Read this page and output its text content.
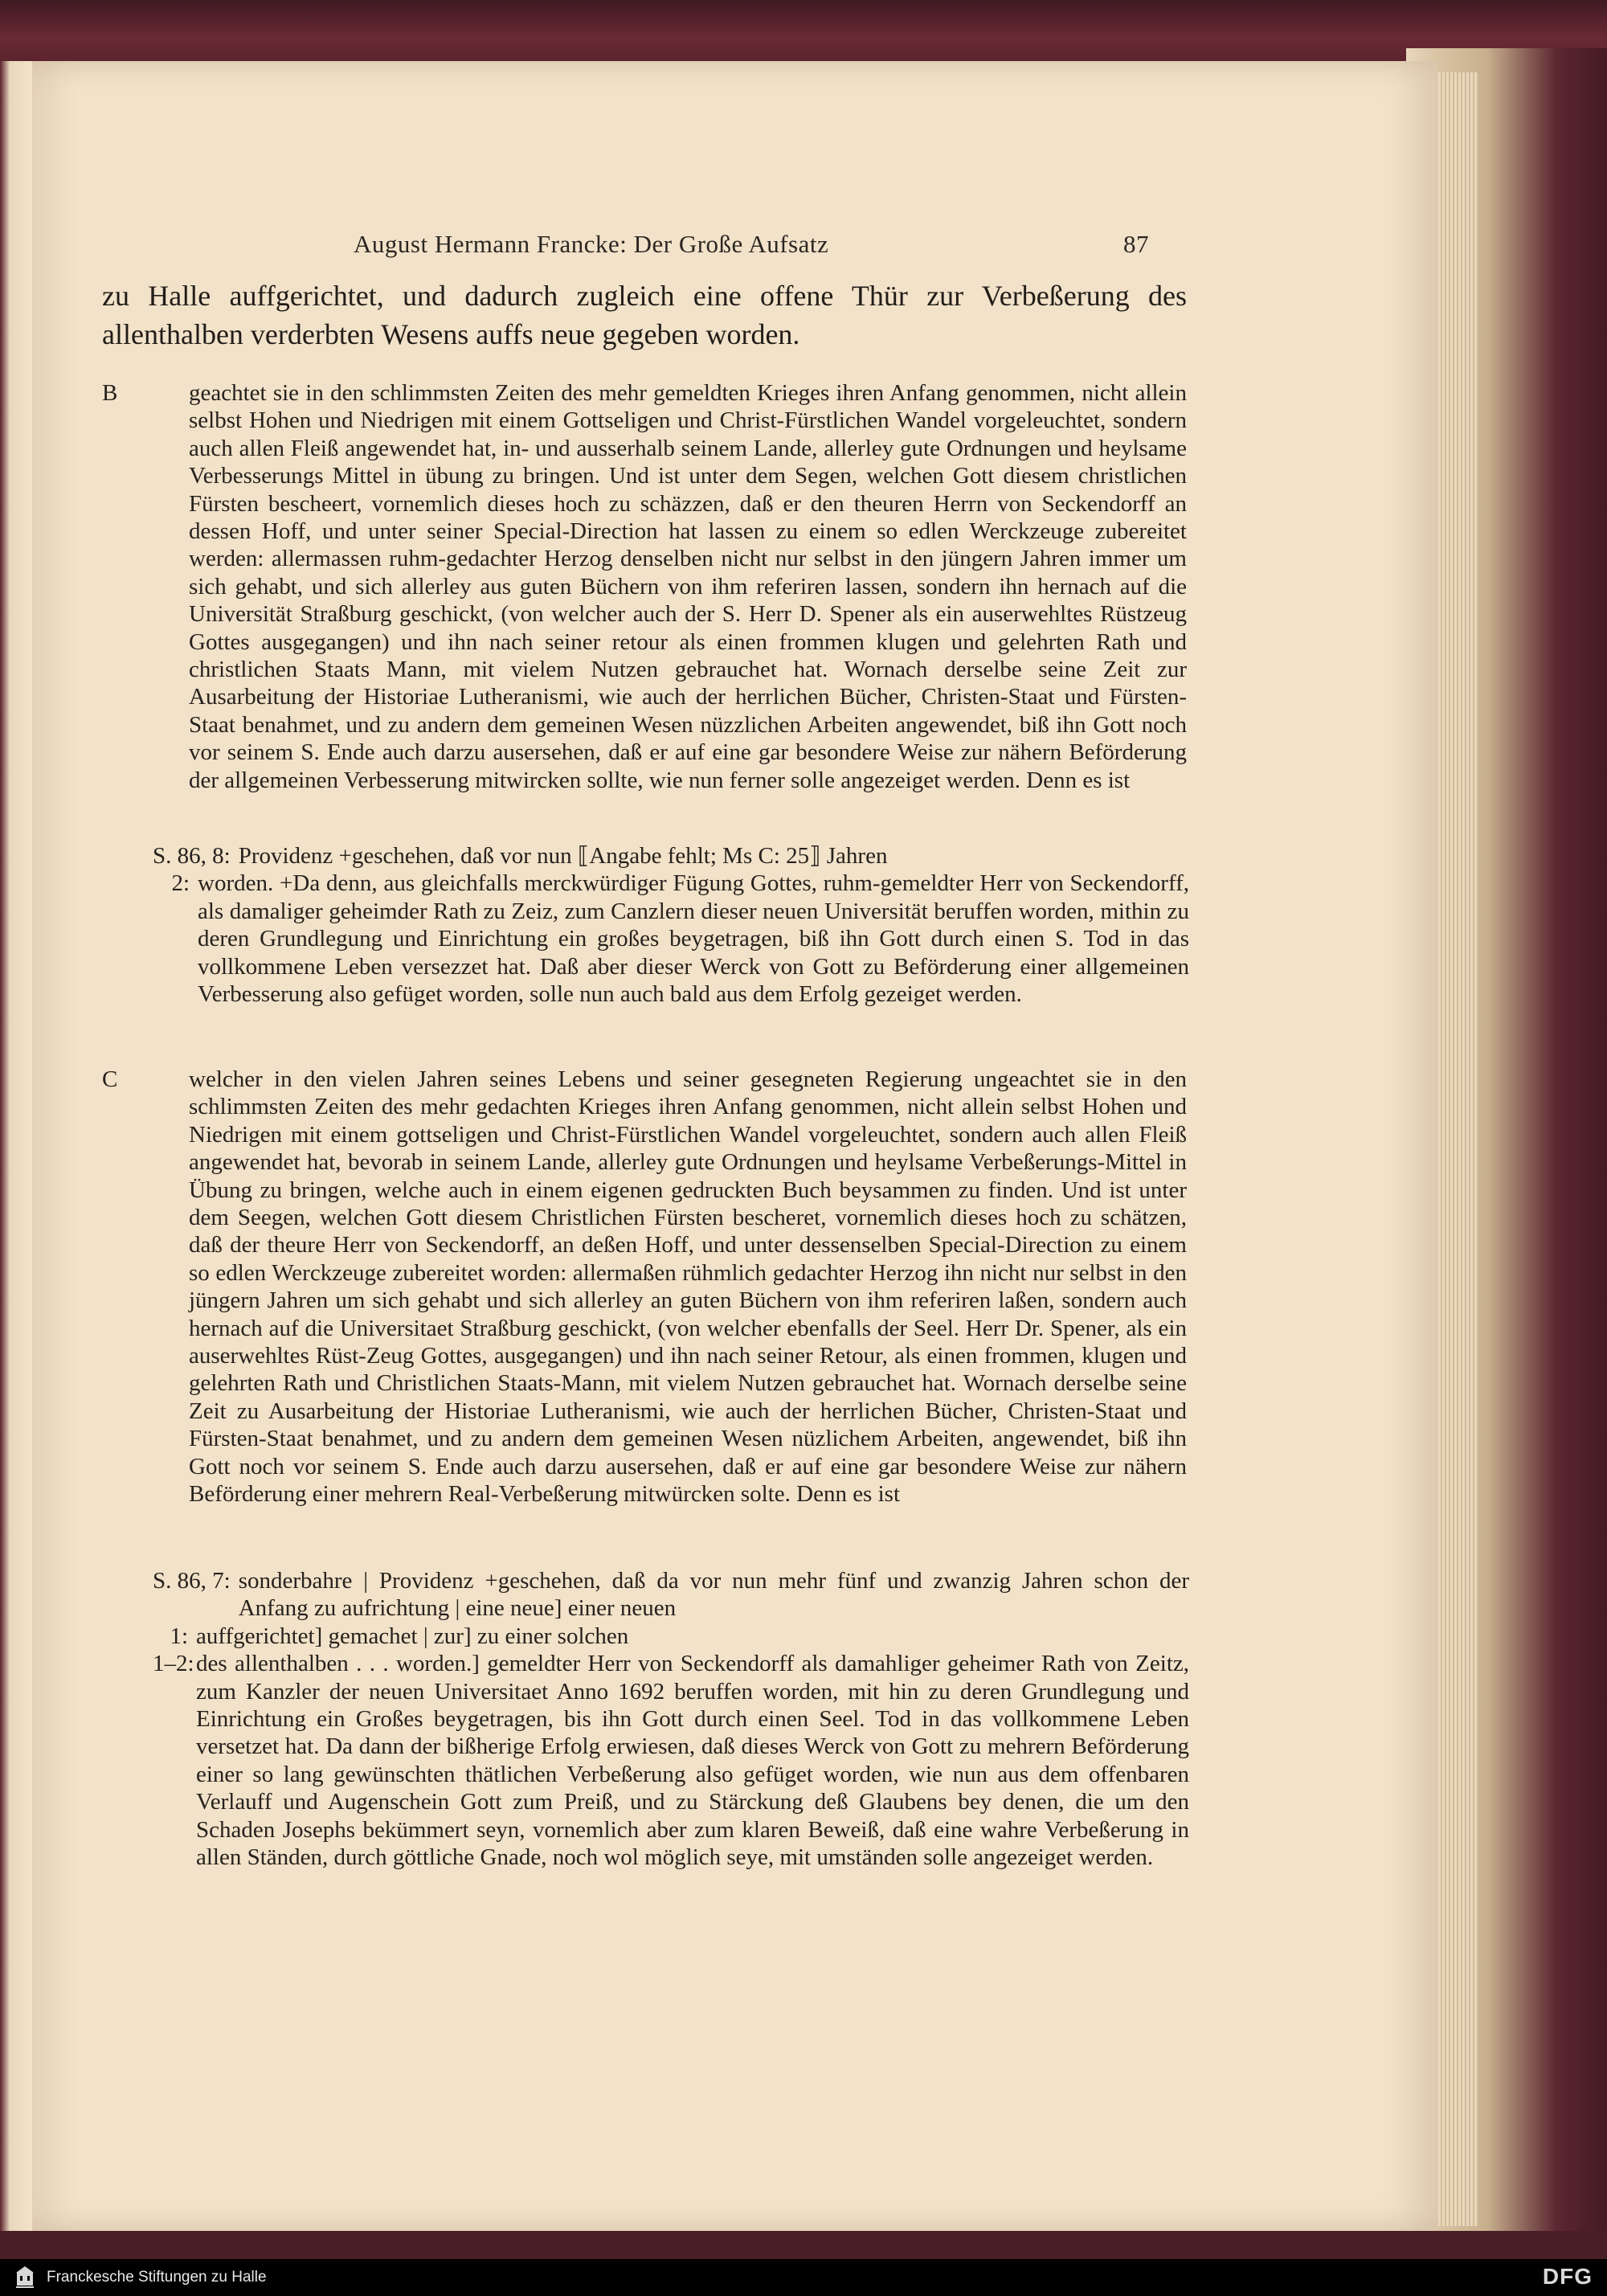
August Hermann Francke: Der Große Aufsatz	87
zu Halle auffgerichtet, und dadurch zugleich eine offene Thür zur Verbeßerung des allenthalben verderbten Wesens auffs neue gegeben worden.
B	geachtet sie in den schlimmsten Zeiten des mehr gemeldten Krieges ihren Anfang genommen, nicht allein selbst Hohen und Niedrigen mit einem Gottseligen und Christ-Fürstlichen Wandel vorgeleuchtet, sondern auch allen Fleiß angewendet hat, in- und ausserhalb seinem Lande, allerley gute Ordnungen und heylsame Verbesserungs Mittel in übung zu bringen. Und ist unter dem Segen, welchen Gott diesem christlichen Fürsten bescheert, vornemlich dieses hoch zu schäzzen, daß er den theuren Herrn von Seckendorff an dessen Hoff, und unter seiner Special-Direction hat lassen zu einem so edlen Werckzeuge zubereitet werden: allermassen ruhm-gedachter Herzog denselben nicht nur selbst in den jüngern Jahren immer um sich gehabt, und sich allerley aus guten Büchern von ihm referiren lassen, sondern ihn hernach auf die Universität Straßburg geschickt, (von welcher auch der S. Herr D. Spener als ein auserwehltes Rüstzeug Gottes ausgegangen) und ihn nach seiner retour als einen frommen klugen und gelehrten Rath und christlichen Staats Mann, mit vielem Nutzen gebrauchet hat. Wornach derselbe seine Zeit zur Ausarbeitung der Historiae Lutheranismi, wie auch der herrlichen Bücher, Christen-Staat und Fürsten-Staat benahmet, und zu andern dem gemeinen Wesen nüzzlichen Arbeiten angewendet, biß ihn Gott noch vor seinem S. Ende auch darzu ausersehen, daß er auf eine gar besondere Weise zur nähern Beförderung der allgemeinen Verbesserung mitwircken sollte, wie nun ferner solle angezeiget werden. Denn es ist
S. 86, 8: Providenz +geschehen, daß vor nun ⟦Angabe fehlt; Ms C: 25⟧ Jahren
2: worden. +Da denn, aus gleichfalls merckwürdiger Fügung Gottes, ruhm-gemeldter Herr von Seckendorff, als damaliger geheimder Rath zu Zeiz, zum Canzlern dieser neuen Universität beruffen worden, mithin zu deren Grundlegung und Einrichtung ein großes beygetragen, biß ihn Gott durch einen S. Tod in das vollkommene Leben versezzet hat. Daß aber dieser Werck von Gott zu Beförderung einer allgemeinen Verbesserung also gefüget worden, solle nun auch bald aus dem Erfolg gezeiget werden.
C	welcher in den vielen Jahren seines Lebens und seiner gesegneten Regierung ungeachtet sie in den schlimmsten Zeiten des mehr gedachten Krieges ihren Anfang genommen, nicht allein selbst Hohen und Niedrigen mit einem gottseligen und Christ-Fürstlichen Wandel vorgeleuchtet, sondern auch allen Fleiß angewendet hat, bevorab in seinem Lande, allerley gute Ordnungen und heylsame Verbeßerungs-Mittel in Übung zu bringen, welche auch in einem eigenen gedruckten Buch beysammen zu finden. Und ist unter dem Seegen, welchen Gott diesem Christlichen Fürsten bescheret, vornemlich dieses hoch zu schätzen, daß der theure Herr von Seckendorff, an deßen Hoff, und unter dessenselben Special-Direction zu einem so edlen Werckzeuge zubereitet worden: allermaßen rühmlich gedachter Herzog ihn nicht nur selbst in den jüngern Jahren um sich gehabt und sich allerley an guten Büchern von ihm referiren laßen, sondern auch hernach auf die Universitaet Straßburg geschickt, (von welcher ebenfalls der Seel. Herr Dr. Spener, als ein auserwehltes Rüst-Zeug Gottes, ausgegangen) und ihn nach seiner Retour, als einen frommen, klugen und gelehrten Rath und Christlichen Staats-Mann, mit vielem Nutzen gebrauchet hat. Wornach derselbe seine Zeit zu Ausarbeitung der Historiae Lutheranismi, wie auch der herrlichen Bücher, Christen-Staat und Fürsten-Staat benahmet, und zu andern dem gemeinen Wesen nüzlichem Arbeiten, angewendet, biß ihn Gott noch vor seinem S. Ende auch darzu ausersehen, daß er auf eine gar besondere Weise zur nähern Beförderung einer mehrern Real-Verbeßerung mitwürcken solte. Denn es ist
S. 86, 7: sonderbahre | Providenz +geschehen, daß da vor nun mehr fünf und zwanzig Jahren schon der Anfang zu aufrichtung | eine neue] einer neuen
1: auffgerichtet] gemachet | zur] zu einer solchen
1–2: des allenthalben . . . worden.] gemeldter Herr von Seckendorff als damahliger geheimer Rath von Zeitz, zum Kanzler der neuen Universitaet Anno 1692 beruffen worden, mit hin zu deren Grundlegung und Einrichtung ein Großes beygetragen, bis ihn Gott durch einen Seel. Tod in das vollkommene Leben versetzet hat. Da dann der bißherige Erfolg erwiesen, daß dieses Werck von Gott zu mehrern Beförderung einer so lang gewünschten thätlichen Verbeßerung also gefüget worden, wie nun aus dem offenbaren Verlauff und Augenschein Gott zum Preiß, und zu Stärckung deß Glaubens bey denen, die um den Schaden Josephs bekümmert seyn, vornemlich aber zum klaren Beweiß, daß eine wahre Verbeßerung in allen Ständen, durch göttliche Gnade, noch wol möglich seye, mit umständen solle angezeiget werden.
Franckesche Stiftungen zu Halle	DFG
